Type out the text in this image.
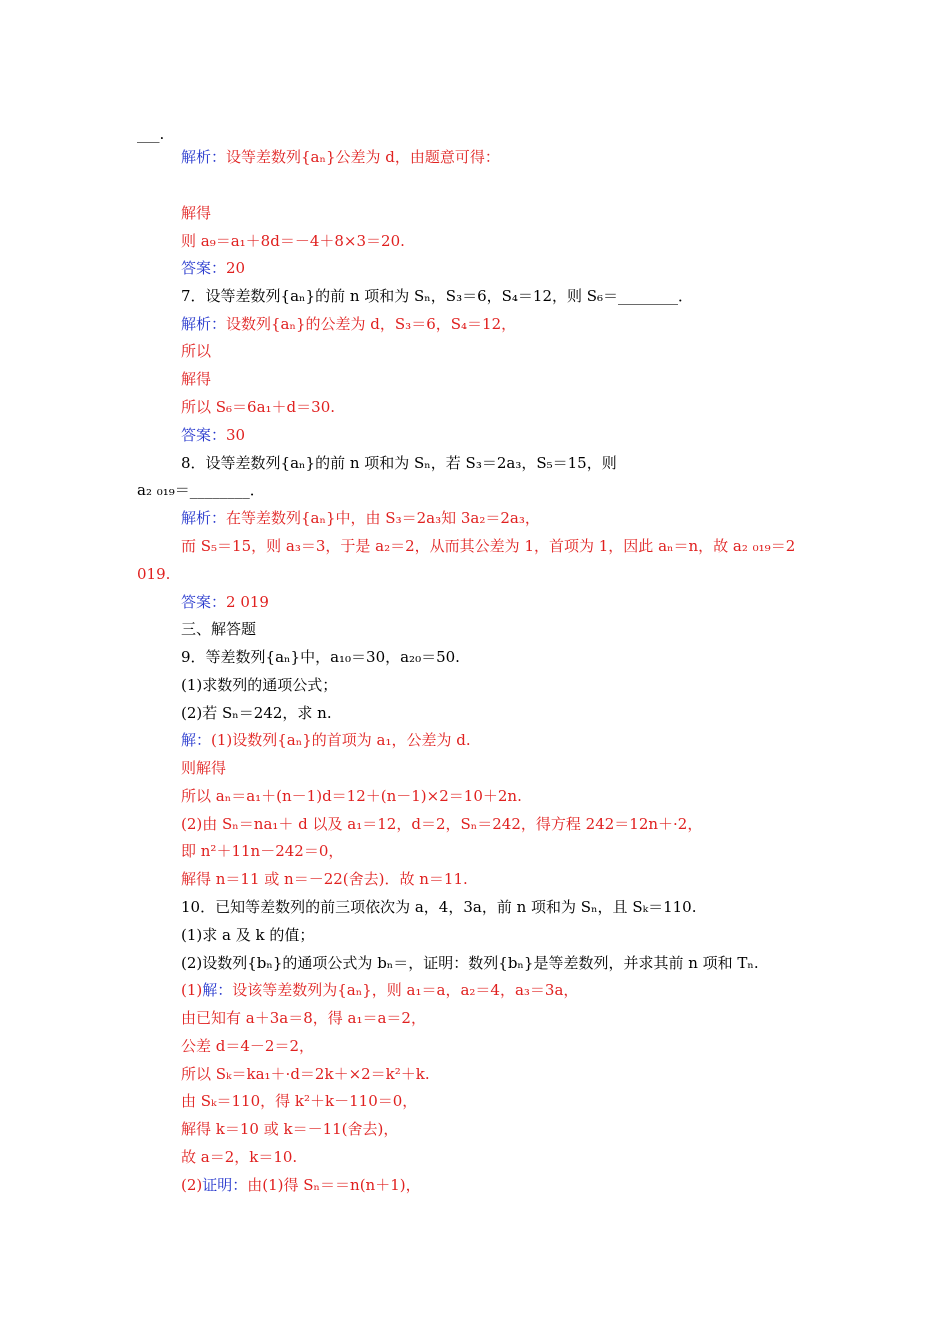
___.
解析：设等差数列{aₙ}公差为 d，由题意可得：
解得
则 a₉＝a₁＋8d＝－4＋8×3＝20.
答案：20
7．设等差数列{aₙ}的前 n 项和为 Sₙ，S₃＝6，S₄＝12，则 S₆＝________．
解析：设数列{aₙ}的公差为 d，S₃＝6，S₄＝12，
所以
解得
所以 S₆＝6a₁＋d＝30.
答案：30
8．设等差数列{aₙ}的前 n 项和为 Sₙ，若 S₃＝2a₃，S₅＝15，则
a₂ ₀₁₉＝________．
解析：在等差数列{aₙ}中，由 S₃＝2a₃知 3a₂＝2a₃，
而 S₅＝15，则 a₃＝3，于是 a₂＝2，从而其公差为 1，首项为 1，因此 aₙ＝n，故 a₂ ₀₁₉＝2
019.
答案：2 019
三、解答题
9．等差数列{aₙ}中，a₁₀＝30，a₂₀＝50.
(1)求数列的通项公式；
(2)若 Sₙ＝242，求 n.
解：(1)设数列{aₙ}的首项为 a₁，公差为 d.
则解得
所以 aₙ＝a₁＋(n－1)d＝12＋(n－1)×2＝10＋2n.
(2)由 Sₙ＝na₁＋ d 以及 a₁＝12，d＝2，Sₙ＝242，得方程 242＝12n＋·2，
即 n²＋11n－242＝0，
解得 n＝11 或 n＝－22(舍去)．故 n＝11.
10．已知等差数列的前三项依次为 a，4，3a，前 n 项和为 Sₙ，且 Sₖ＝110.
(1)求 a 及 k 的值；
(2)设数列{bₙ}的通项公式为 bₙ＝，证明：数列{bₙ}是等差数列，并求其前 n 项和 Tₙ.
(1)解：设该等差数列为{aₙ}，则 a₁＝a，a₂＝4，a₃＝3a，
由已知有 a＋3a＝8，得 a₁＝a＝2，
公差 d＝4－2＝2，
所以 Sₖ＝ka₁＋·d＝2k＋×2＝k²＋k.
由 Sₖ＝110，得 k²＋k－110＝0，
解得 k＝10 或 k＝－11(舍去)，
故 a＝2，k＝10.
(2)证明：由(1)得 Sₙ＝＝n(n＋1)，
